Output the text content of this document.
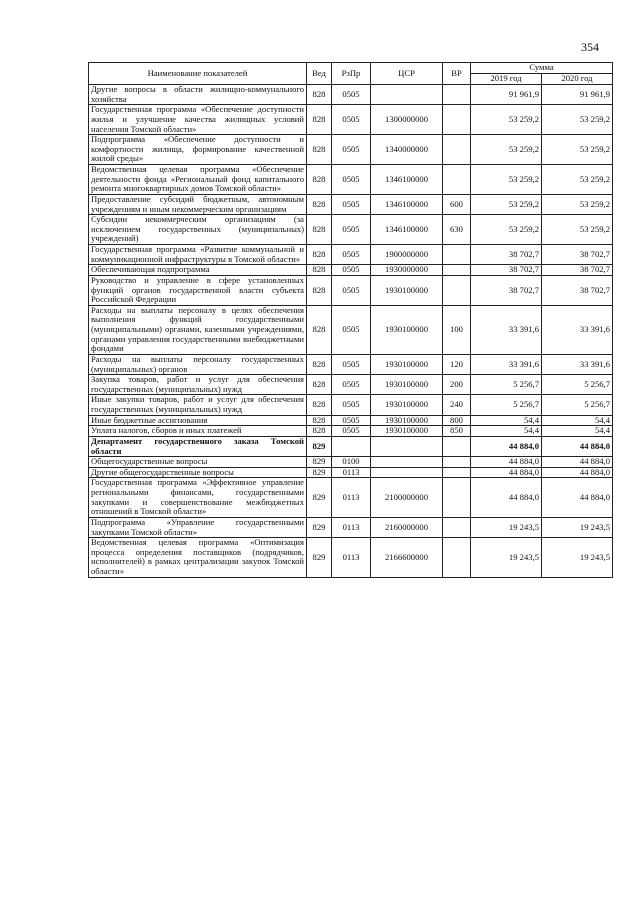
354
Наименование показателей	Вед	РзПр	ЦСР	ВР	Сумма	
					2019 год	2020 год
Другие вопросы в области жилищно-коммунального хозяйства	828	0505			91 961,9	91 961,9
Государственная программа «Обеспечение доступности жилья и улучшение качества жилищных условий населения Томской области»	828	0505	1300000000		53 259,2	53 259,2
Подпрограмма «Обеспечение доступности и комфортности жилища, формирование качественной жилой среды»	828	0505	1340000000		53 259,2	53 259,2
Ведомственная целевая программа «Обеспечение деятельности фонда «Региональный фонд капитального ремонта многоквартирных домов Томской области»	828	0505	1346100000		53 259,2	53 259,2
Предоставление субсидий бюджетным, автономным учреждениям и иным некоммерческим организациям	828	0505	1346100000	600	53 259,2	53 259,2
Субсидии некоммерческим организациям (за исключением государственных (муниципальных) учреждений)	828	0505	1346100000	630	53 259,2	53 259,2
Государственная программа «Развитие коммунальной и коммуникационной инфраструктуры в Томской области»	828	0505	1900000000		38 702,7	38 702,7
Обеспечивающая подпрограмма	828	0505	1930000000		38 702,7	38 702,7
Руководство и управление в сфере установленных функций органов государственной власти субъекта Российской Федерации	828	0505	1930100000		38 702,7	38 702,7
Расходы на выплаты персоналу в целях обеспечения выполнения функций государственными (муниципальными) органами, казенными учреждениями, органами управления государственными внебюджетными фондами	828	0505	1930100000	100	33 391,6	33 391,6
Расходы на выплаты персоналу государственных (муниципальных) органов	828	0505	1930100000	120	33 391,6	33 391,6
Закупка товаров, работ и услуг для обеспечения государственных (муниципальных) нужд	828	0505	1930100000	200	5 256,7	5 256,7
Иные закупки товаров, работ и услуг для обеспечения государственных (муниципальных) нужд	828	0505	1930100000	240	5 256,7	5 256,7
Иные бюджетные ассигнования	828	0505	1930100000	800	54,4	54,4
Уплата налогов, сборов и иных платежей	828	0505	1930100000	850	54,4	54,4
Департамент государственного заказа Томской области	829				44 884,0	44 884,0
Общегосударственные вопросы	829	0100			44 884,0	44 884,0
Другие общегосударственные вопросы	829	0113			44 884,0	44 884,0
Государственная программа «Эффективное управление региональными финансами, государственными закупками и совершенствование межбюджетных отношений в Томской области»	829	0113	2100000000		44 884,0	44 884,0
Подпрограмма «Управление государственными закупками Томской области»	829	0113	2160000000		19 243,5	19 243,5
Ведомственная целевая программа «Оптимизация процесса определения поставщиков (подрядчиков, исполнителей) в рамках централизации закупок Томской области»	829	0113	2166600000		19 243,5	19 243,5
